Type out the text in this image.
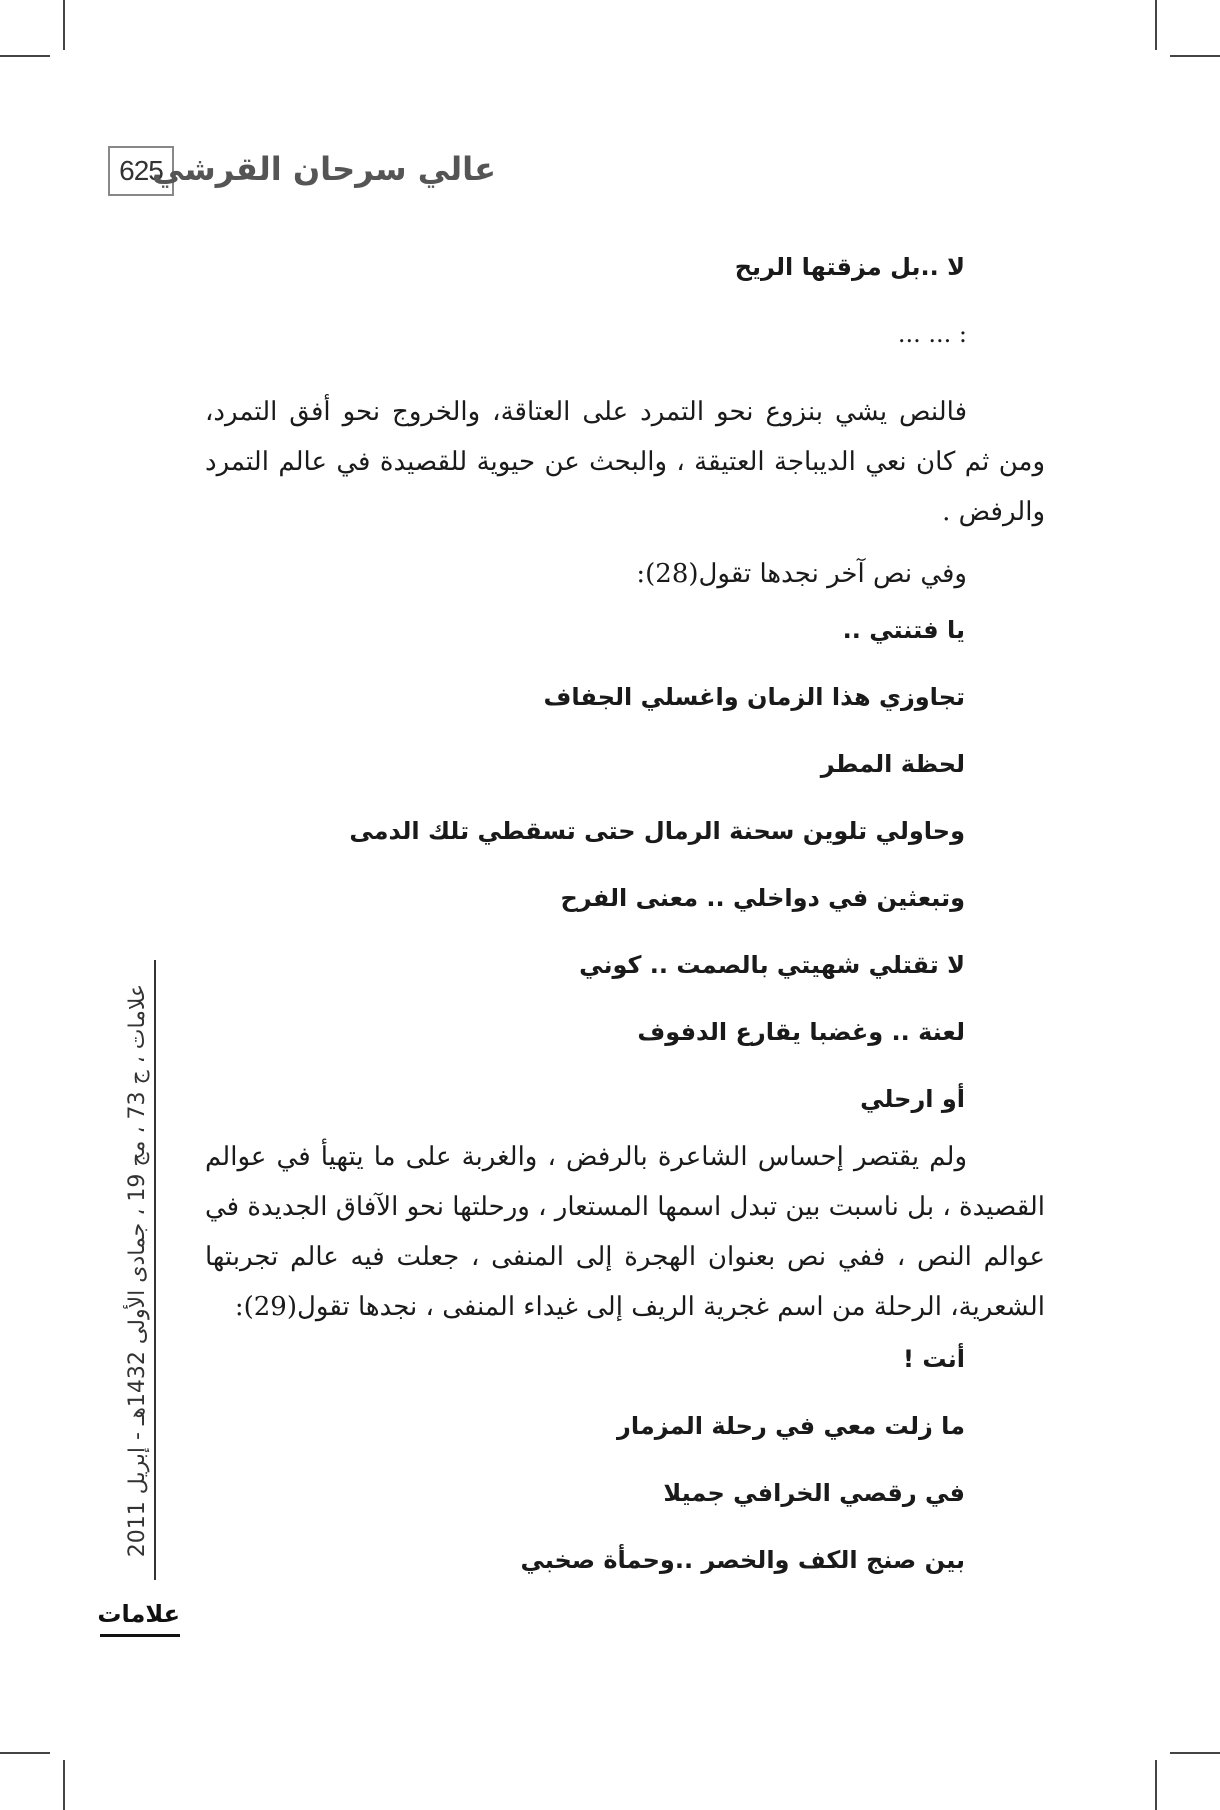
625
عالي سرحان القرشي
علامات ، ج 73 ، مج 19 ، جمادى الأولى 1432هـ - إبريل 2011
علامات

لا ..بل مزقتها الريح

: ... ...

فالنص يشي بنزوع نحو التمرد على العتاقة، والخروج نحو أفق التمرد، ومن ثم كان نعي الديباجة العتيقة ، والبحث عن حيوية للقصيدة في عالم التمرد والرفض .

وفي نص آخر نجدها تقول(28):

يا فتنتي ..

تجاوزي هذا الزمان واغسلي الجفاف

لحظة المطر

وحاولي تلوين سحنة الرمال حتى تسقطي تلك الدمى

وتبعثين في دواخلي .. معنى الفرح

لا تقتلي شهيتي بالصمت .. كوني

لعنة .. وغضبا يقارع الدفوف

أو ارحلي

ولم يقتصر إحساس الشاعرة بالرفض ، والغربة على ما يتهيأ في عوالم القصيدة ، بل ناسبت بين تبدل اسمها المستعار ، ورحلتها نحو الآفاق الجديدة في عوالم النص ، ففي نص بعنوان الهجرة إلى المنفى ، جعلت فيه عالم تجربتها الشعرية، الرحلة من اسم غجرية الريف إلى غيداء المنفى ، نجدها تقول(29):

أنت !

ما زلت معي في رحلة المزمار

في رقصي الخرافي جميلا

بين صنج الكف والخصر ..وحمأة صخبي
